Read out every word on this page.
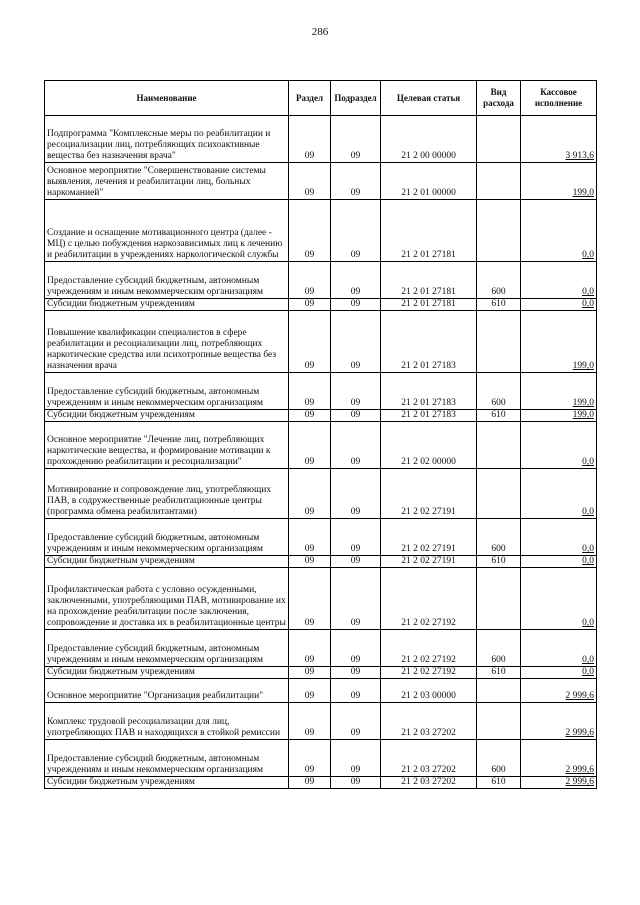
286
Наименование	Раздел	Подраздел	Целевая статья	Вид расхода	Кассовое исполнение
Подпрограмма "Комплексные меры по реабилитации и ресоциализации лиц, потребляющих психоактивные вещества без назначения врача"	09	09	21 2 00 00000		3 913,6
Основное мероприятие "Совершенствование системы выявления, лечения и реабилитации лиц, больных наркоманией"	09	09	21 2 01 00000		199,0
Создание и оснащение мотивационного центра (далее - МЦ) с целью побуждения наркозависимых лиц к лечению и реабилитации в учреждениях наркологической службы	09	09	21 2 01 27181		0,0
Предоставление субсидий бюджетным, автономным учреждениям и иным некоммерческим организациям	09	09	21 2 01 27181	600	0,0
Субсидии бюджетным учреждениям	09	09	21 2 01 27181	610	0,0
Повышение квалификации специалистов в сфере реабилитации и ресоциализации лиц, потребляющих наркотические средства или психотропные вещества без назначения врача	09	09	21 2 01 27183		199,0
Предоставление субсидий бюджетным, автономным учреждениям и иным некоммерческим организациям	09	09	21 2 01 27183	600	199,0
Субсидии бюджетным учреждениям	09	09	21 2 01 27183	610	199,0
Основное мероприятие "Лечение лиц, потребляющих наркотические вещества, и формирование мотивации к прохождению реабилитации и ресоциализации"	09	09	21 2 02 00000		0,0
Мотивирование и сопровождение лиц, употребляющих ПАВ, в содружественные реабилитационные центры (программа обмена реабилитантами)	09	09	21 2 02 27191		0,0
Предоставление субсидий бюджетным, автономным учреждениям и иным некоммерческим организациям	09	09	21 2 02 27191	600	0,0
Субсидии бюджетным учреждениям	09	09	21 2 02 27191	610	0,0
Профилактическая работа с условно осужденными, заключенными, употребляющими ПАВ, мотивирование их на прохождение реабилитации после заключения, сопровождение и доставка их в реабилитационные центры	09	09	21 2 02 27192		0,0
Предоставление субсидий бюджетным, автономным учреждениям и иным некоммерческим организациям	09	09	21 2 02 27192	600	0,0
Субсидии бюджетным учреждениям	09	09	21 2 02 27192	610	0,0
Основное мероприятие "Организация реабилитации"	09	09	21 2 03 00000		2 999,6
Комплекс трудовой ресоциализации для лиц, употребляющих ПАВ и находящихся в стойкой ремиссии	09	09	21 2 03 27202		2 999,6
Предоставление субсидий бюджетным, автономным учреждениям и иным некоммерческим организациям	09	09	21 2 03 27202	600	2 999,6
Субсидии бюджетным учреждениям	09	09	21 2 03 27202	610	2 999,6
